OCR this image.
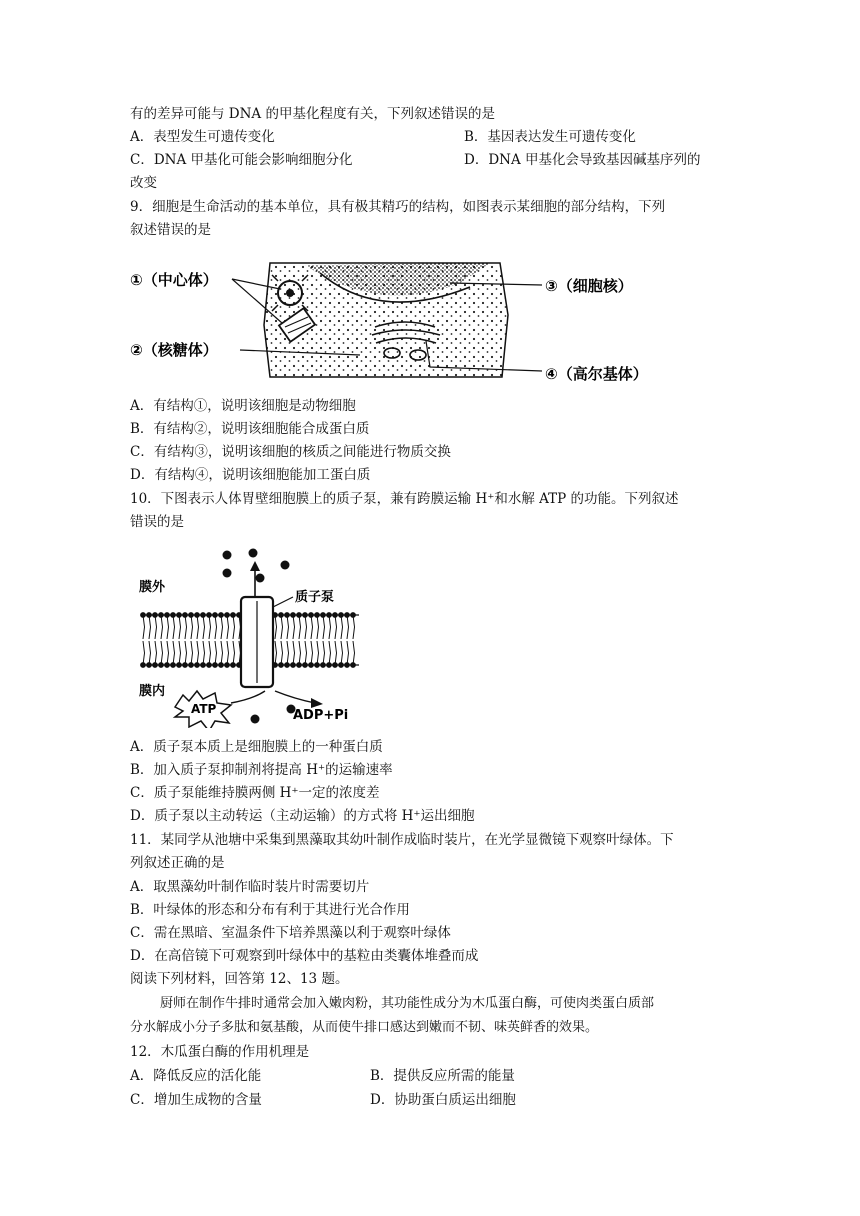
有的差异可能与 DNA 的甲基化程度有关，下列叙述错误的是
A．表型发生可遗传变化	B．基因表达发生可遗传变化
C．DNA 甲基化可能会影响细胞分化	D．DNA 甲基化会导致基因碱基序列的
改变
9．细胞是生命活动的基本单位，具有极其精巧的结构，如图表示某细胞的部分结构，下列
叙述错误的是
①（中心体）
②（核糖体）
③（细胞核）
④（高尔基体）
A．有结构①，说明该细胞是动物细胞
B．有结构②，说明该细胞能合成蛋白质
C．有结构③，说明该细胞的核质之间能进行物质交换
D．有结构④，说明该细胞能加工蛋白质
10．下图表示人体胃壁细胞膜上的质子泵，兼有跨膜运输 H⁺和水解 ATP 的功能。下列叙述
错误的是
质子泵
膜外
膜内
ATP	ADP+Pi
A．质子泵本质上是细胞膜上的一种蛋白质
B．加入质子泵抑制剂将提高 H⁺的运输速率
C．质子泵能维持膜两侧 H⁺一定的浓度差
D．质子泵以主动转运（主动运输）的方式将 H⁺运出细胞
11．某同学从池塘中采集到黑藻取其幼叶制作成临时装片，在光学显微镜下观察叶绿体。下
列叙述正确的是
A．取黑藻幼叶制作临时装片时需要切片
B．叶绿体的形态和分布有利于其进行光合作用
C．需在黑暗、室温条件下培养黑藻以利于观察叶绿体
D．在高倍镜下可观察到叶绿体中的基粒由类囊体堆叠而成
阅读下列材料，回答第 12、13 题。
厨师在制作牛排时通常会加入嫩肉粉，其功能性成分为木瓜蛋白酶，可使肉类蛋白质部
分水解成小分子多肽和氨基酸，从而使牛排口感达到嫩而不韧、味英鲜香的效果。
12．木瓜蛋白酶的作用机理是
A．降低反应的活化能	B．提供反应所需的能量
C．增加生成物的含量	D．协助蛋白质运出细胞
